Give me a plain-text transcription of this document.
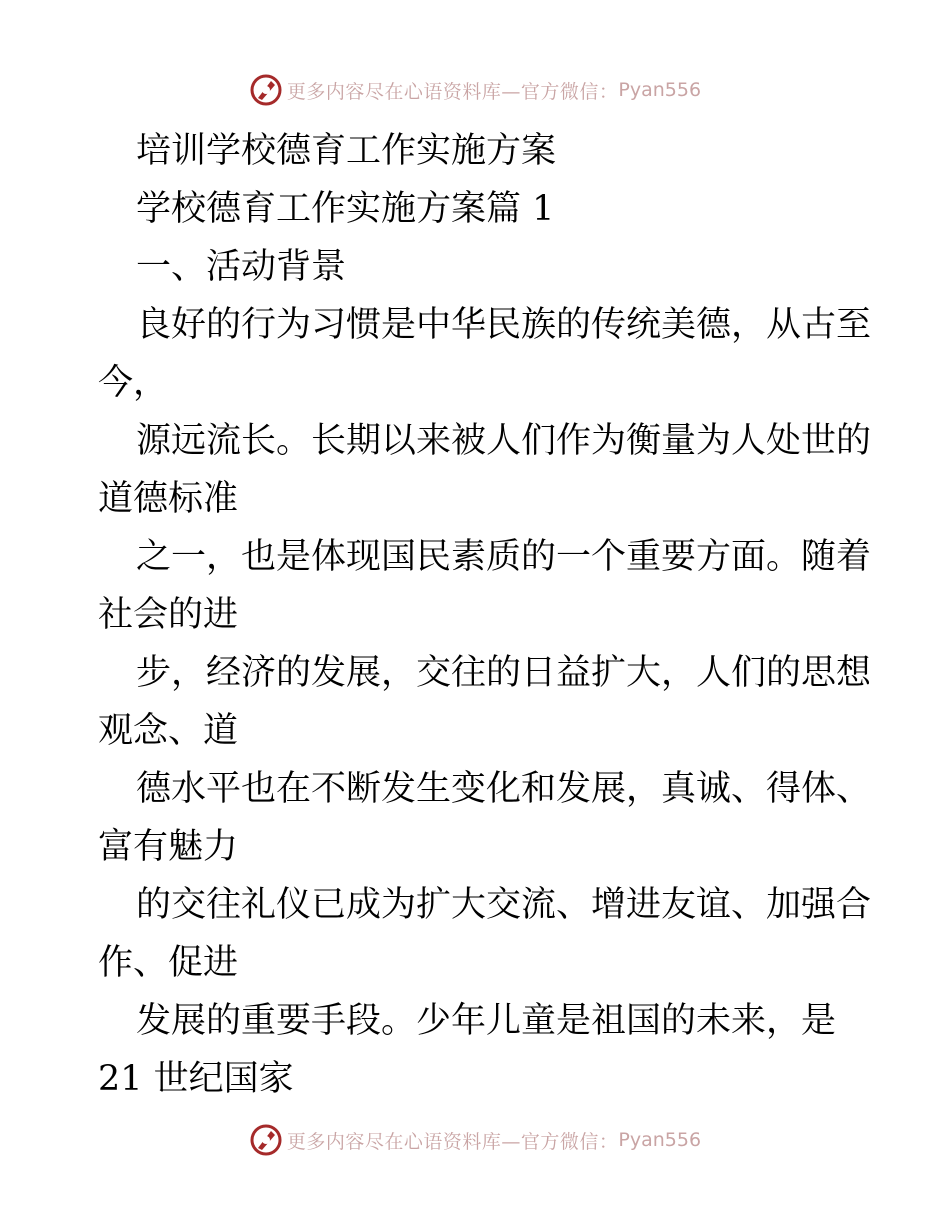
更多内容尽在心语资料库—官方微信： Pyan556
培训学校德育工作实施方案
学校德育工作实施方案篇 1
一、活动背景
良好的行为习惯是中华民族的传统美德，从古至
今，
源远流长。长期以来被人们作为衡量为人处世的
道德标准
之一，也是体现国民素质的一个重要方面。随着
社会的进
步，经济的发展，交往的日益扩大，人们的思想
观念、道
德水平也在不断发生变化和发展，真诚、得体、
富有魅力
的交往礼仪已成为扩大交流、增进友谊、加强合
作、促进
发展的重要手段。少年儿童是祖国的未来，是
21 世纪国家
更多内容尽在心语资料库—官方微信： Pyan556
